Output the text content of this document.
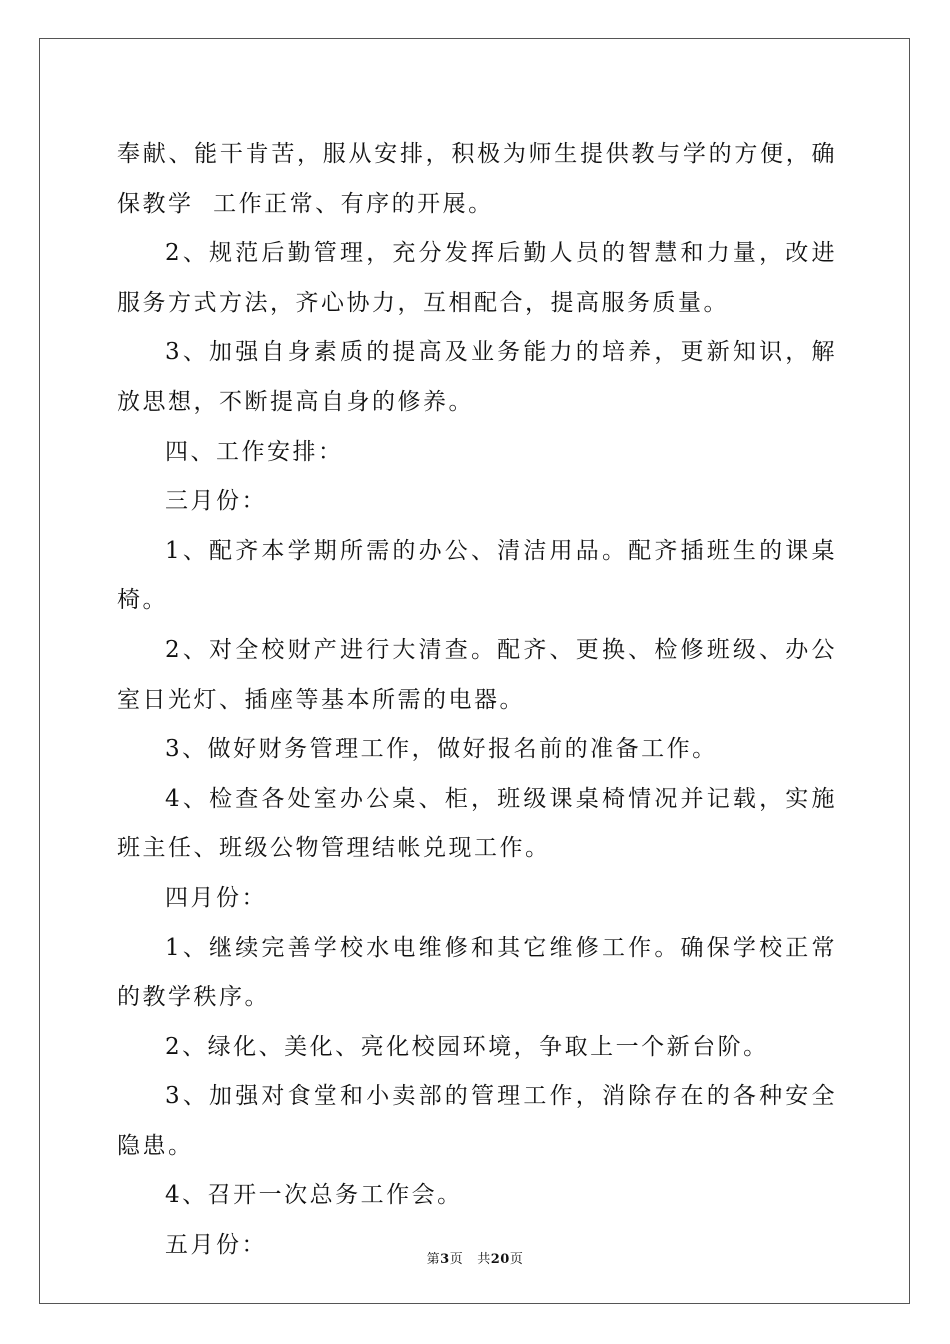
奉献、能干肯苦，服从安排，积极为师生提供教与学的方便，确保教学  工作正常、有序的开展。

2、规范后勤管理，充分发挥后勤人员的智慧和力量，改进服务方式方法，齐心协力，互相配合，提高服务质量。

3、加强自身素质的提高及业务能力的培养，更新知识，解放思想，不断提高自身的修养。

四、工作安排：

三月份：

1、配齐本学期所需的办公、清洁用品。配齐插班生的课桌椅。

2、对全校财产进行大清查。配齐、更换、检修班级、办公室日光灯、插座等基本所需的电器。

3、做好财务管理工作，做好报名前的准备工作。

4、检查各处室办公桌、柜，班级课桌椅情况并记载，实施班主任、班级公物管理结帐兑现工作。

四月份：

1、继续完善学校水电维修和其它维修工作。确保学校正常的教学秩序。

2、绿化、美化、亮化校园环境，争取上一个新台阶。

3、加强对食堂和小卖部的管理工作，消除存在的各种安全隐患。

4、召开一次总务工作会。

五月份：

第3页 共20页
